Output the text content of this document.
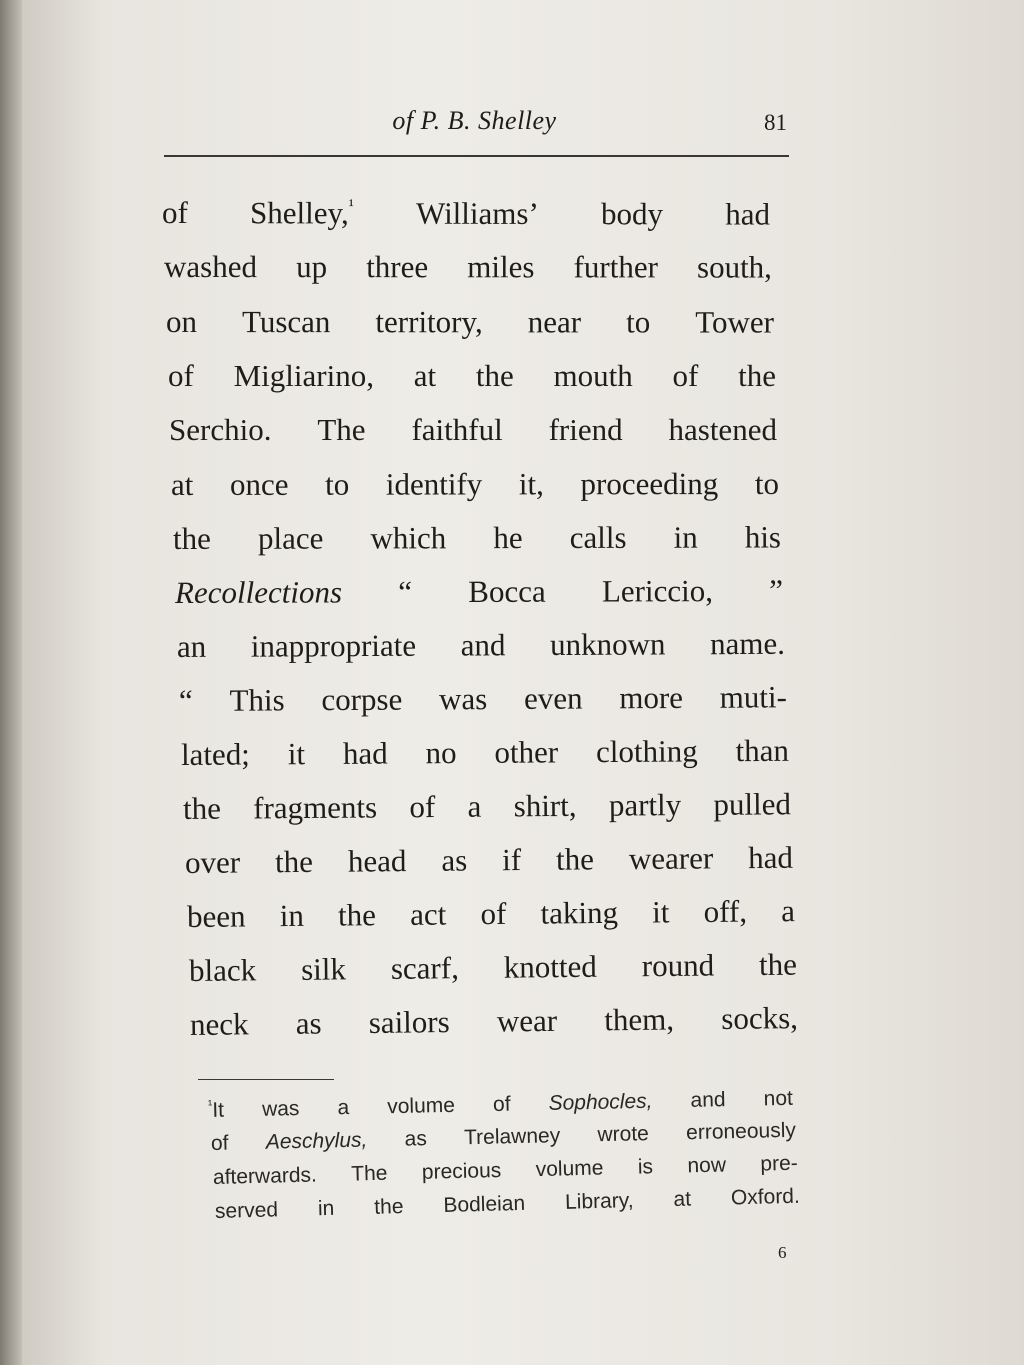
of P. B. Shelley	81
of Shelley,$^{^1}$ Williams’ body had
washed up three miles further south,
on Tuscan territory, near to Tower
of Migliarino, at the mouth of the
Serchio. The faithful friend hastened
at once to identify it, proceeding to
the place which he calls in his
Recollections “ Bocca Lericcio, ”
an inappropriate and unknown name.
“ This corpse was even more muti-
lated; it had no other clothing than
the fragments of a shirt, partly pulled
over the head as if the wearer had
been in the act of taking it off, a
black silk scarf, knotted round the
neck as sailors wear them, socks,
$^{^1}$It was a volume of Sophocles, and not
of Aeschylus, as Trelawney wrote erroneously
afterwards. The precious volume is now pre-
served in the Bodleian Library, at Oxford.
6
